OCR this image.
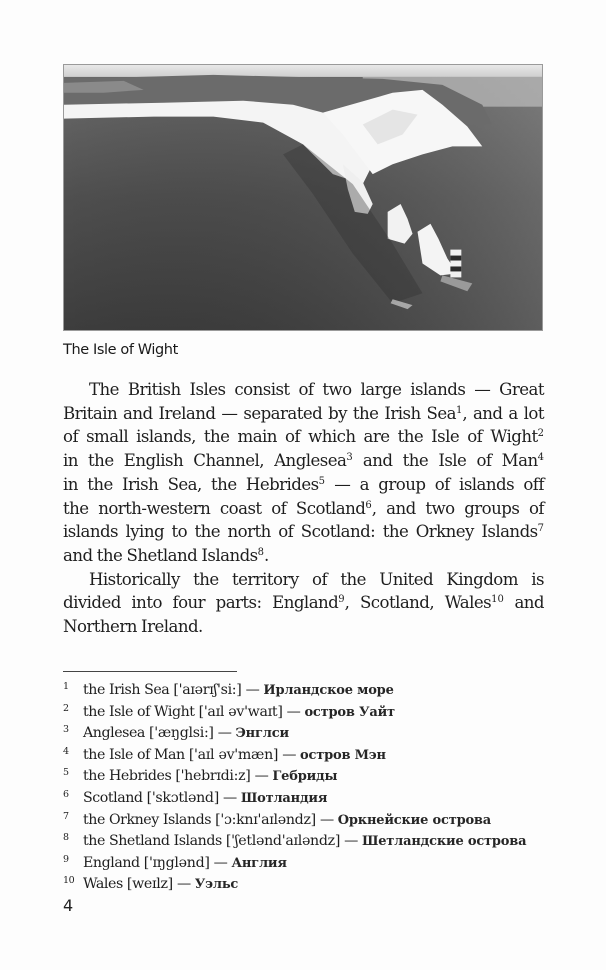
The Isle of Wight
The British Isles consist of two large islands — Great
Britain and Ireland — separated by the Irish Sea$^1$, and a lot
of small islands, the main of which are the Isle of Wight$^2$
in the English Channel, Anglesea$^3$ and the Isle of Man$^4$
in the Irish Sea, the Hebrides$^5$ — a group of islands off
the north-western coast of Scotland$^6$, and two groups of
islands lying to the north of Scotland: the Orkney Islands$^7$
and the Shetland Islands$^8$.
Historically the territory of the United Kingdom is
divided into four parts: England$^9$, Scotland, Wales$^{10}$ and
Northern Ireland.
1	the Irish Sea ['aɪərɪʃ'si:] — Ирландское море
2	the Isle of Wight ['aɪl əv'waɪt] — остров Уайт
3	Anglesea ['æŋglsi:] — Энглси
4	the Isle of Man ['aɪl əv'mæn] — остров Мэн
5	the Hebrides ['hebrɪdi:z] — Гебриды
6	Scotland ['skɔtlənd] — Шотландия
7	the Orkney Islands ['ɔ:knɪ'aɪləndz] — Оркнейские острова
8	the Shetland Islands ['ʃetlənd'aɪləndz] — Шетландские острова
9	England ['ɪŋglənd] — Англия
10 Wales [weɪlz] — Уэльс
4
